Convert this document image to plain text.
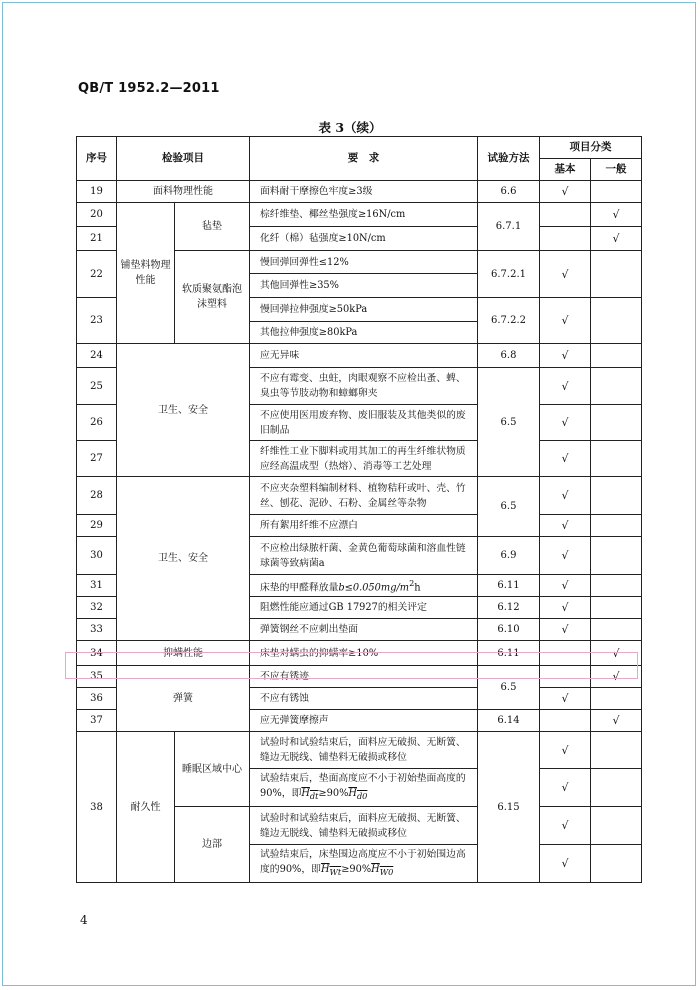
QB/T 1952.2—2011
表 3（续）
序号	检验项目		要　求	试验方法	项目分类	
					基本	一般
19	面料物理性能		面料耐干摩擦色牢度≥3级	6.6	√	
20	铺垫料物理性能	毡垫	棕纤维垫、椰丝垫强度≥16N/cm	6.7.1		√
21			化纤（棉）毡强度≥10N/cm			√
22		软质聚氨酯泡沫塑料	慢回弹回弹性≤12%	6.7.2.1	√	
			其他回弹性≥35%			
23			慢回弹拉伸强度≥50kPa	6.7.2.2	√	
			其他拉伸强度≥80kPa			
24	卫生、安全		应无异味	6.8	√	
25			不应有霉变、虫蛀，肉眼观察不应检出蚤、蜱、臭虫等节肢动物和蟑螂卵夹	6.5	√	
26			不应使用医用废弃物、废旧服装及其他类似的废旧制品		√	
27			纤维性工业下脚料或用其加工的再生纤维状物质应经高温成型（热熔）、消毒等工艺处理		√	
28	卫生、安全		不应夹杂塑料编制材料、植物秸秆或叶、壳、竹丝、刨花、泥砂、石粉、金属丝等杂物	6.5	√	
29			所有絮用纤维不应漂白		√	
30			不应检出绿脓杆菌、金黄色葡萄球菌和溶血性链球菌等致病菌a	6.9	√	
31			床垫的甲醛释放量$b\le 0.050mg/m^2h$	6.11	√	
32			阻燃性能应通过GB 17927的相关评定	6.12	√	
33			弹簧钢丝不应刺出垫面	6.10	√	
34	抑螨性能		床垫对螨虫的抑螨率≥10%	6.11		√
35	弹簧		不应有锈迹	6.5		√
36			不应有锈蚀		√	
37			应无弹簧摩擦声	6.14		√
38	耐久性	睡眠区域中心	试验时和试验结束后，面料应无破损、无断簧、缝边无脱线、铺垫料无破损或移位	6.15	√	
			试验结束后，垫面高度应不小于初始垫面高度的90%，即$H_{dt}\ge 90\%H_{d0}$		√	
		边部	试验时和试验结束后，面料应无破损、无断簧、缝边无脱线、铺垫料无破损或移位		√	
			试验结束后，床垫围边高度应不小于初始围边高度的90%，即$H_{Wt}\ge 90\%H_{W0}$		√	
4
